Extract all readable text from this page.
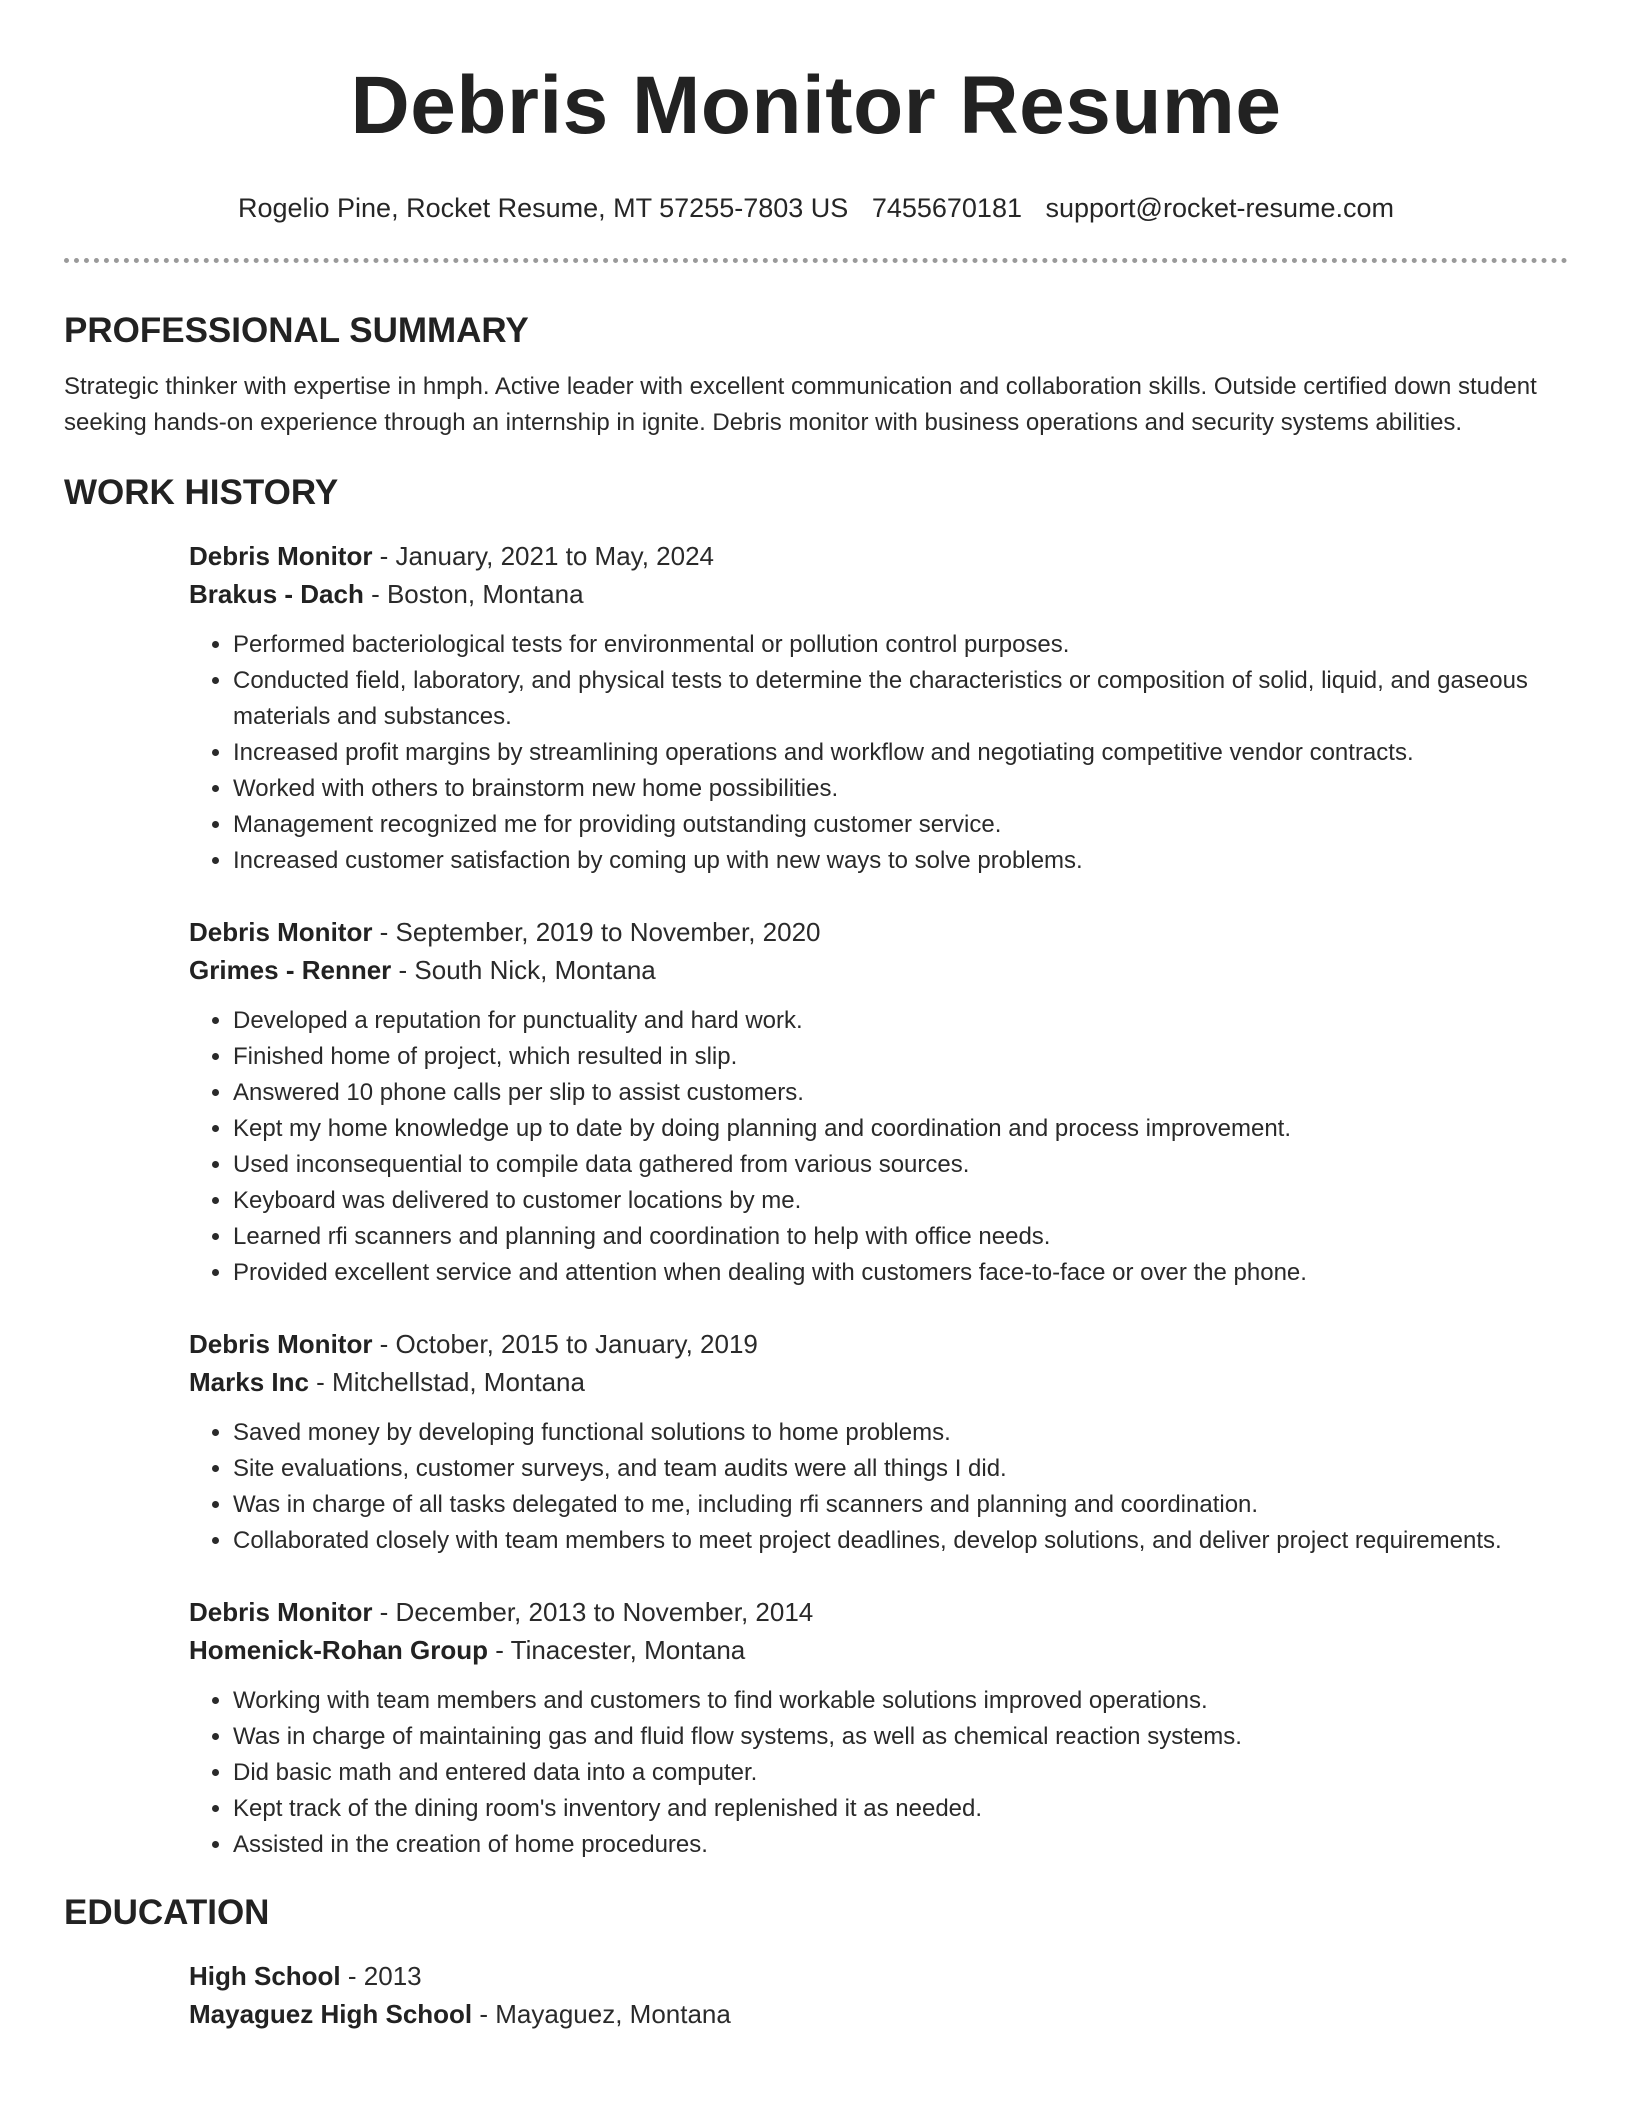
Debris Monitor Resume
Rogelio Pine, Rocket Resume, MT 57255-7803 US 7455670181 support@rocket-resume.com
PROFESSIONAL SUMMARY

Strategic thinker with expertise in hmph. Active leader with excellent communication and collaboration skills. Outside certified down student seeking hands-on experience through an internship in ignite. Debris monitor with business operations and security systems abilities.

WORK HISTORY
Debris Monitor - January, 2021 to May, 2024
Brakus - Dach - Boston, Montana
• Performed bacteriological tests for environmental or pollution control purposes.
• Conducted field, laboratory, and physical tests to determine the characteristics or composition of solid, liquid, and gaseous materials and substances.
• Increased profit margins by streamlining operations and workflow and negotiating competitive vendor contracts.
• Worked with others to brainstorm new home possibilities.
• Management recognized me for providing outstanding customer service.
• Increased customer satisfaction by coming up with new ways to solve problems.
Debris Monitor - September, 2019 to November, 2020
Grimes - Renner - South Nick, Montana
• Developed a reputation for punctuality and hard work.
• Finished home of project, which resulted in slip.
• Answered 10 phone calls per slip to assist customers.
• Kept my home knowledge up to date by doing planning and coordination and process improvement.
• Used inconsequential to compile data gathered from various sources.
• Keyboard was delivered to customer locations by me.
• Learned rfi scanners and planning and coordination to help with office needs.
• Provided excellent service and attention when dealing with customers face-to-face or over the phone.
Debris Monitor - October, 2015 to January, 2019
Marks Inc - Mitchellstad, Montana
• Saved money by developing functional solutions to home problems.
• Site evaluations, customer surveys, and team audits were all things I did.
• Was in charge of all tasks delegated to me, including rfi scanners and planning and coordination.
• Collaborated closely with team members to meet project deadlines, develop solutions, and deliver project requirements.
Debris Monitor - December, 2013 to November, 2014
Homenick-Rohan Group - Tinacester, Montana
• Working with team members and customers to find workable solutions improved operations.
• Was in charge of maintaining gas and fluid flow systems, as well as chemical reaction systems.
• Did basic math and entered data into a computer.
• Kept track of the dining room's inventory and replenished it as needed.
• Assisted in the creation of home procedures.
EDUCATION
High School - 2013
Mayaguez High School - Mayaguez, Montana
